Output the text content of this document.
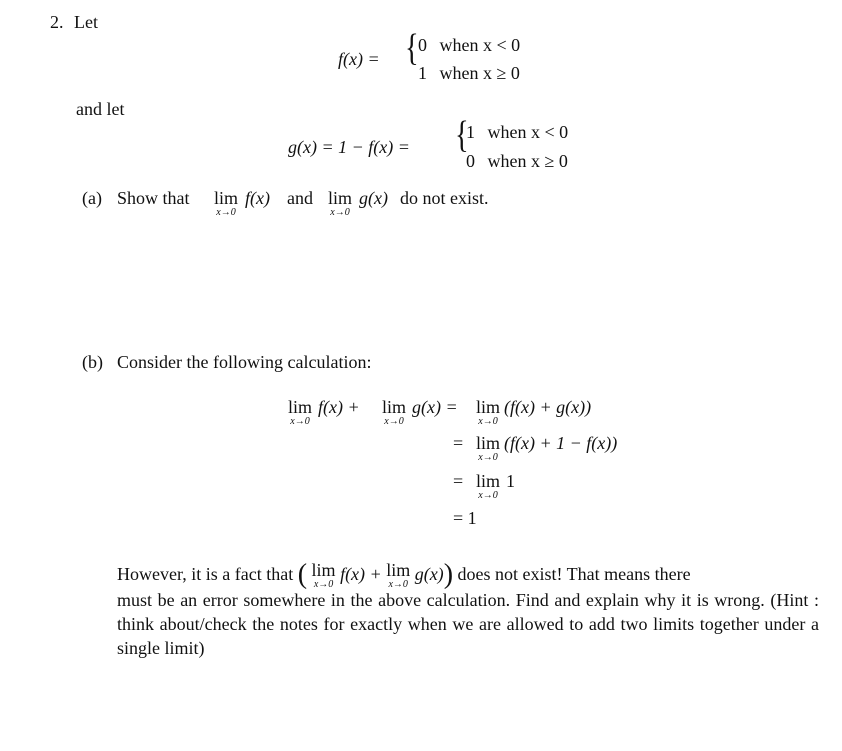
2. Let
f(x) = { 0 when x < 0
1 when x ≥ 0
and let
g(x) = 1 − f(x) = {
1 when x < 0
0 when x ≥ 0
(a) Show that lim
x→0
f(x) and lim
x→0
g(x) do not exist.
(b) Consider the following calculation:
lim
x→0
f(x) + lim
x→0
g(x) = lim
x→0
(f(x) + g(x))
= lim
x→0
(f(x) + 1 − f(x))
= lim
x→0
1
= 1
However, it is a fact that ( lim
x→0
f(x) + lim
x→0
g(x)) does not exist! That means there
must be an error somewhere in the above calculation. Find and explain why it is wrong. (Hint : think about/check the notes for exactly when we are allowed to add two limits together under a single limit)
